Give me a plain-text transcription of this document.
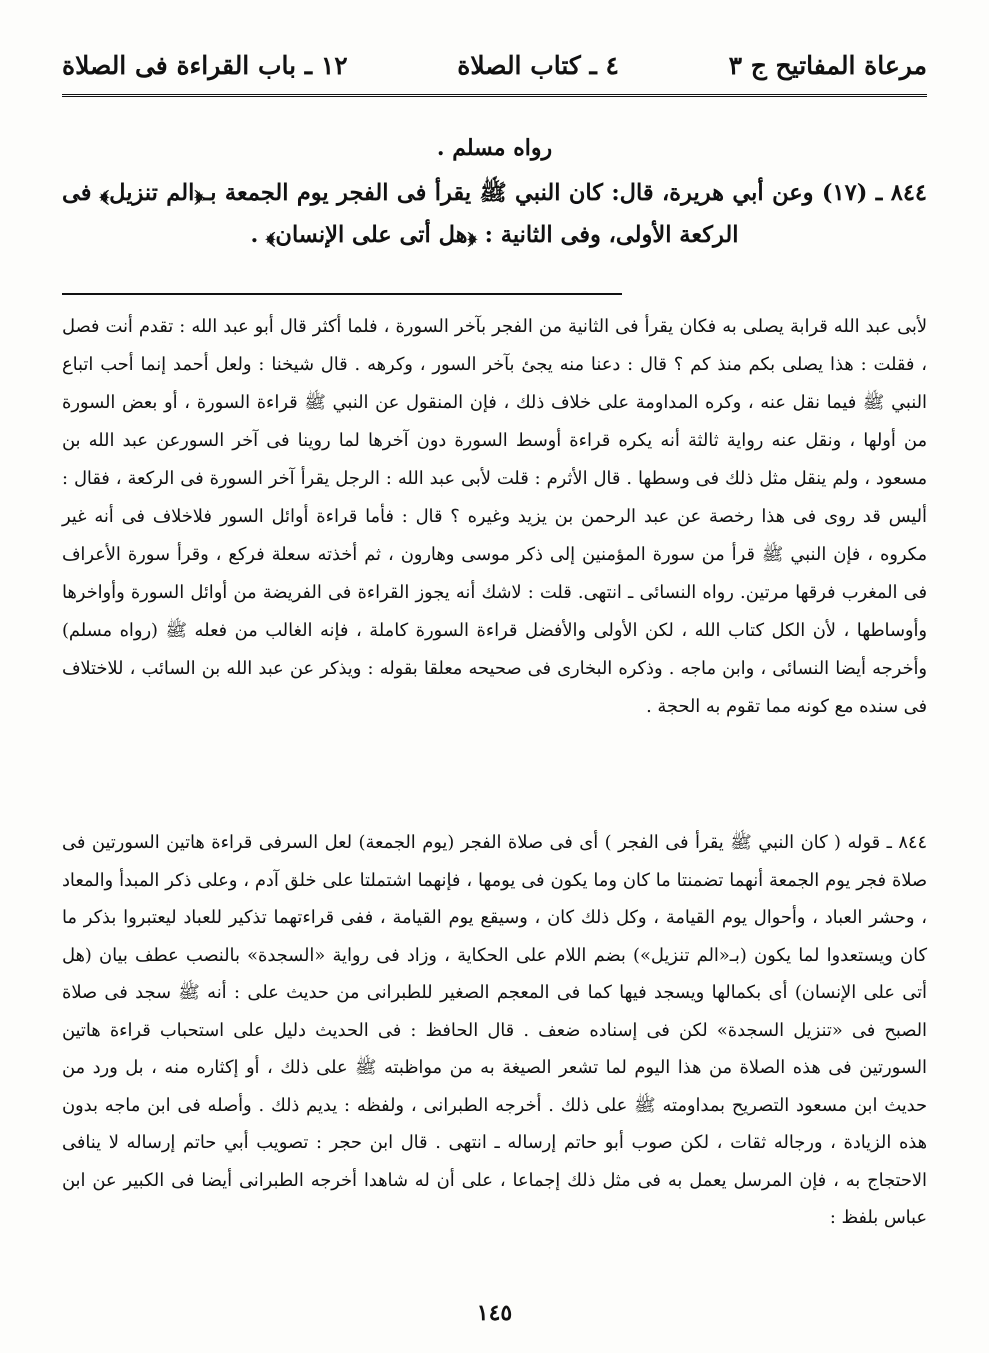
مرعاة المفاتيح ج ٣
٤ ـ كتاب الصلاة
١٢ ـ باب القراءة فى الصلاة
رواه مسلم .
٨٤٤ ـ (١٧) وعن أبي هريرة، قال: كان النبي ﷺ يقرأ فى الفجر يوم الجمعة بـ﴿الم تنزيل﴾ فى الركعة الأولى، وفى الثانية : ﴿هل أتى على الإنسان﴾ .

لأبى عبد الله قرابة يصلى به فكان يقرأ فى الثانية من الفجر بآخر السورة ، فلما أكثر قال أبو عبد الله : تقدم أنت فصل ، فقلت : هذا يصلى بكم منذ كم ؟ قال : دعنا منه يجئ بآخر السور ، وكرهه . قال شيخنا : ولعل أحمد إنما أحب اتباع النبي ﷺ فيما نقل عنه ، وكره المداومة على خلاف ذلك ، فإن المنقول عن النبي ﷺ قراءة السورة ، أو بعض السورة من أولها ، ونقل عنه رواية ثالثة أنه يكره قراءة أوسط السورة دون آخرها لما روينا فى آخر السورعن عبد الله بن مسعود ، ولم ينقل مثل ذلك فى وسطها . قال الأثرم : قلت لأبى عبد الله : الرجل يقرأ آخر السورة فى الركعة ، فقال : أليس قد روى فى هذا رخصة عن عبد الرحمن بن يزيد وغيره ؟ قال : فأما قراءة أوائل السور فلاخلاف فى أنه غير مكروه ، فإن النبي ﷺ قرأ من سورة المؤمنين إلى ذكر موسى وهارون ، ثم أخذته سعلة فركع ، وقرأ سورة الأعراف فى المغرب فرقها مرتين. رواه النسائى ـ انتهى. قلت : لاشك أنه يجوز القراءة فى الفريضة من أوائل السورة وأواخرها وأوساطها ، لأن الكل كتاب الله ، لكن الأولى والأفضل قراءة السورة كاملة ، فإنه الغالب من فعله ﷺ (رواه مسلم) وأخرجه أيضا النسائى ، وابن ماجه . وذكره البخارى فى صحيحه معلقا بقوله : ويذكر عن عبد الله بن السائب ، للاختلاف فى سنده مع كونه مما تقوم به الحجة .

٨٤٤ ـ قوله ( كان النبي ﷺ يقرأ فى الفجر ) أى فى صلاة الفجر (يوم الجمعة) لعل السرفى قراءة هاتين السورتين فى صلاة فجر يوم الجمعة أنهما تضمنتا ما كان وما يكون فى يومها ، فإنهما اشتملتا على خلق آدم ، وعلى ذكر المبدأ والمعاد ، وحشر العباد ، وأحوال يوم القيامة ، وكل ذلك كان ، وسيقع يوم القيامة ، ففى قراءتهما تذكير للعباد ليعتبروا بذكر ما كان ويستعدوا لما يكون (بـ«الم تنزيل») بضم اللام على الحكاية ، وزاد فى رواية «السجدة» بالنصب عطف بيان (هل أتى على الإنسان) أى بكمالها ويسجد فيها كما فى المعجم الصغير للطبرانى من حديث على : أنه ﷺ سجد فى صلاة الصبح فى «تنزيل السجدة» لكن فى إسناده ضعف . قال الحافظ : فى الحديث دليل على استحباب قراءة هاتين السورتين فى هذه الصلاة من هذا اليوم لما تشعر الصيغة به من مواظبته ﷺ على ذلك ، أو إكثاره منه ، بل ورد من حديث ابن مسعود التصريح بمداومته ﷺ على ذلك . أخرجه الطبرانى ، ولفظه : يديم ذلك . وأصله فى ابن ماجه بدون هذه الزيادة ، ورجاله ثقات ، لكن صوب أبو حاتم إرساله ـ انتهى . قال ابن حجر : تصويب أبي حاتم إرساله لا ينافى الاحتجاج به ، فإن المرسل يعمل به فى مثل ذلك إجماعا ، على أن له شاهدا أخرجه الطبرانى أيضا فى الكبير عن ابن عباس بلفظ :

١٤٥
